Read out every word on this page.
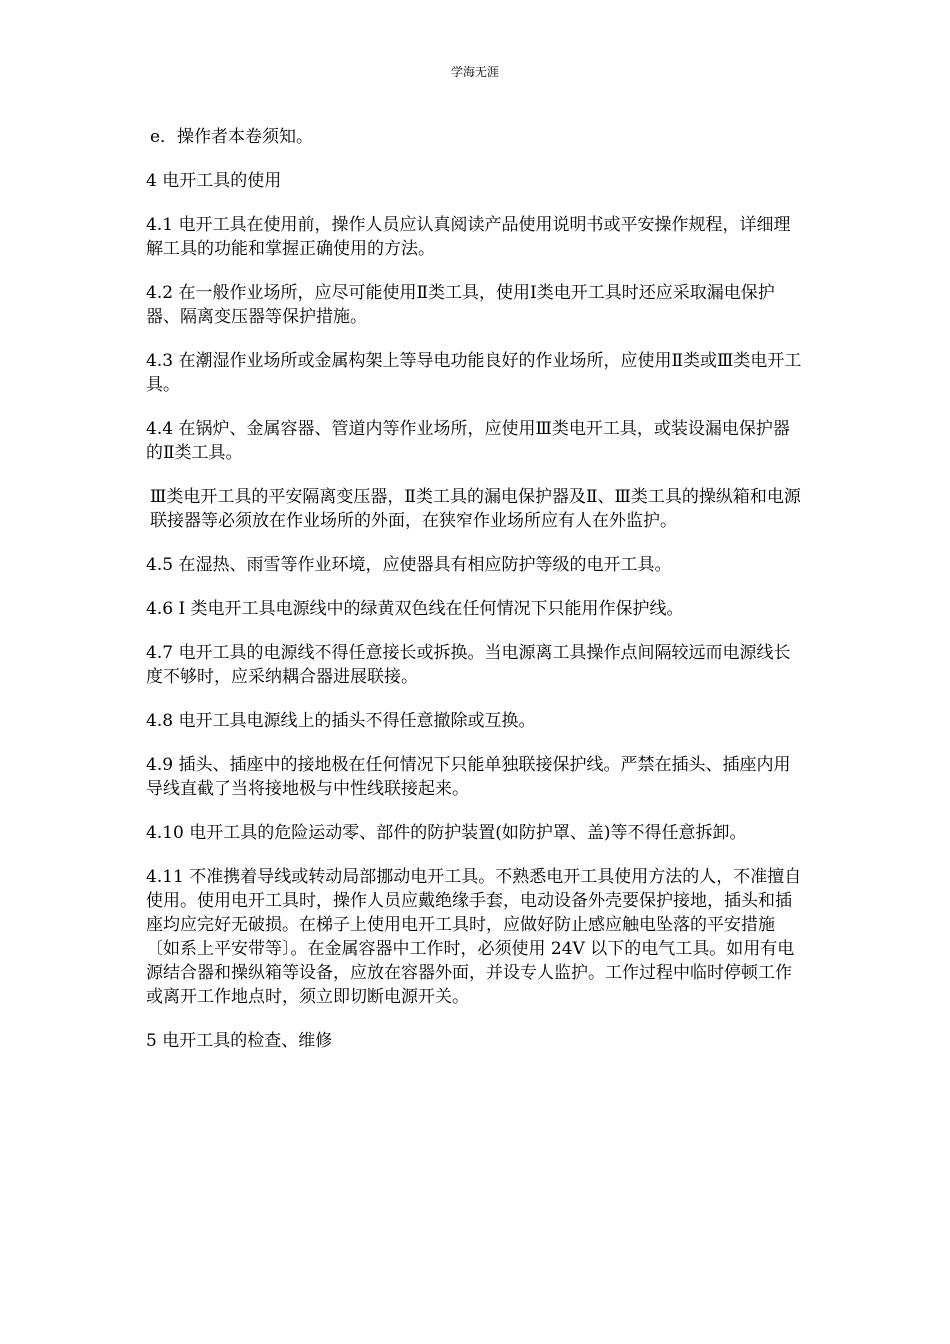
学海无涯

e．操作者本卷须知。

4 电开工具的使用

4.1 电开工具在使用前，操作人员应认真阅读产品使用说明书或平安操作规程，详细理解工具的功能和掌握正确使用的方法。

4.2 在一般作业场所，应尽可能使用Ⅱ类工具，使用Ⅰ类电开工具时还应采取漏电保护器、隔离变压器等保护措施。

4.3 在潮湿作业场所或金属构架上等导电功能良好的作业场所，应使用Ⅱ类或Ⅲ类电开工具。

4.4 在锅炉、金属容器、管道内等作业场所，应使用Ⅲ类电开工具，或装设漏电保护器的Ⅱ类工具。

Ⅲ类电开工具的平安隔离变压器，Ⅱ类工具的漏电保护器及Ⅱ、Ⅲ类工具的操纵箱和电源联接器等必须放在作业场所的外面，在狭窄作业场所应有人在外监护。

4.5 在湿热、雨雪等作业环境，应使器具有相应防护等级的电开工具。

4.6 I 类电开工具电源线中的绿黄双色线在任何情况下只能用作保护线。

4.7 电开工具的电源线不得任意接长或拆换。当电源离工具操作点间隔较远而电源线长度不够时，应采纳耦合器进展联接。

4.8 电开工具电源线上的插头不得任意撤除或互换。

4.9 插头、插座中的接地极在任何情况下只能单独联接保护线。严禁在插头、插座内用导线直截了当将接地极与中性线联接起来。

4.10 电开工具的危险运动零、部件的防护装置(如防护罩、盖)等不得任意拆卸。

4.11 不准携着导线或转动局部挪动电开工具。不熟悉电开工具使用方法的人，不准擅自使用。使用电开工具时，操作人员应戴绝缘手套，电动设备外壳要保护接地，插头和插座均应完好无破损。在梯子上使用电开工具时，应做好防止感应触电坠落的平安措施〔如系上平安带等〕。在金属容器中工作时，必须使用 24V 以下的电气工具。如用有电源结合器和操纵箱等设备，应放在容器外面，并设专人监护。工作过程中临时停顿工作或离开工作地点时，须立即切断电源开关。

5 电开工具的检查、维修
